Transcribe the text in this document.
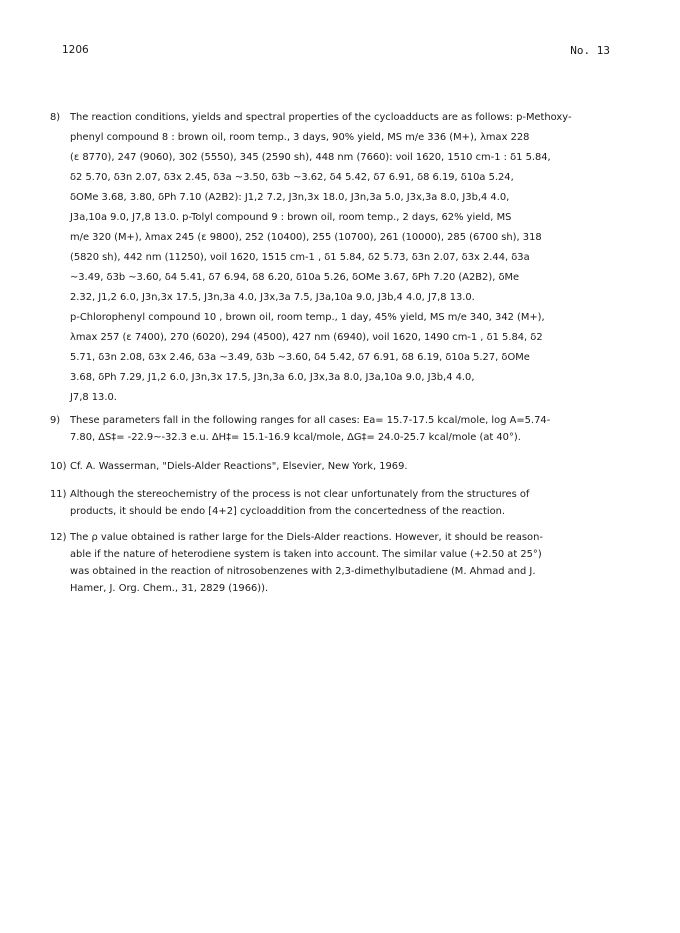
1206	No. 13
8) The reaction conditions, yields and spectral properties of the cycloadducts are as follows: p-Methoxy-
phenyl compound 8 : brown oil, room temp., 3 days, 90% yield, MS m/e 336 (M+), λmax 228
(ε 8770), 247 (9060), 302 (5550), 345 (2590 sh), 448 nm (7660): νoil 1620, 1510 cm-1 : δ1 5.84,
δ2 5.70, δ3n 2.07, δ3x 2.45, δ3a ~3.50, δ3b ~3.62, δ4 5.42, δ7 6.91, δ8 6.19, δ10a 5.24,
δOMe 3.68, 3.80, δPh 7.10 (A2B2): J1,2 7.2, J3n,3x 18.0, J3n,3a 5.0, J3x,3a 8.0, J3b,4 4.0,
J3a,10a 9.0, J7,8 13.0. p-Tolyl compound 9 : brown oil, room temp., 2 days, 62% yield, MS
m/e 320 (M+), λmax 245 (ε 9800), 252 (10400), 255 (10700), 261 (10000), 285 (6700 sh), 318
(5820 sh), 442 nm (11250), νoil 1620, 1515 cm-1 , δ1 5.84, δ2 5.73, δ3n 2.07, δ3x 2.44, δ3a
~3.49, δ3b ~3.60, δ4 5.41, δ7 6.94, δ8 6.20, δ10a 5.26, δOMe 3.67, δPh 7.20 (A2B2), δMe
2.32, J1,2 6.0, J3n,3x 17.5, J3n,3a 4.0, J3x,3a 7.5, J3a,10a 9.0, J3b,4 4.0, J7,8 13.0.
p-Chlorophenyl compound 10 , brown oil, room temp., 1 day, 45% yield, MS m/e 340, 342 (M+),
λmax 257 (ε 7400), 270 (6020), 294 (4500), 427 nm (6940), νoil 1620, 1490 cm-1 , δ1 5.84, δ2
5.71, δ3n 2.08, δ3x 2.46, δ3a ~3.49, δ3b ~3.60, δ4 5.42, δ7 6.91, δ8 6.19, δ10a 5.27, δOMe
3.68, δPh 7.29, J1,2 6.0, J3n,3x 17.5, J3n,3a 6.0, J3x,3a 8.0, J3a,10a 9.0, J3b,4 4.0,
J7,8 13.0.
9) These parameters fall in the following ranges for all cases: Ea= 15.7-17.5 kcal/mole, log A=5.74-
7.80, ΔS‡= -22.9~-32.3 e.u. ΔH‡= 15.1-16.9 kcal/mole, ΔG‡= 24.0-25.7 kcal/mole (at 40°).
10) Cf. A. Wasserman, "Diels-Alder Reactions", Elsevier, New York, 1969.
11) Although the stereochemistry of the process is not clear unfortunately from the structures of
products, it should be endo [4+2] cycloaddition from the concertedness of the reaction.
12) The ρ value obtained is rather large for the Diels-Alder reactions. However, it should be reason-
able if the nature of heterodiene system is taken into account. The similar value (+2.50 at 25°)
was obtained in the reaction of nitrosobenzenes with 2,3-dimethylbutadiene (M. Ahmad and J.
Hamer, J. Org. Chem., 31, 2829 (1966)).
